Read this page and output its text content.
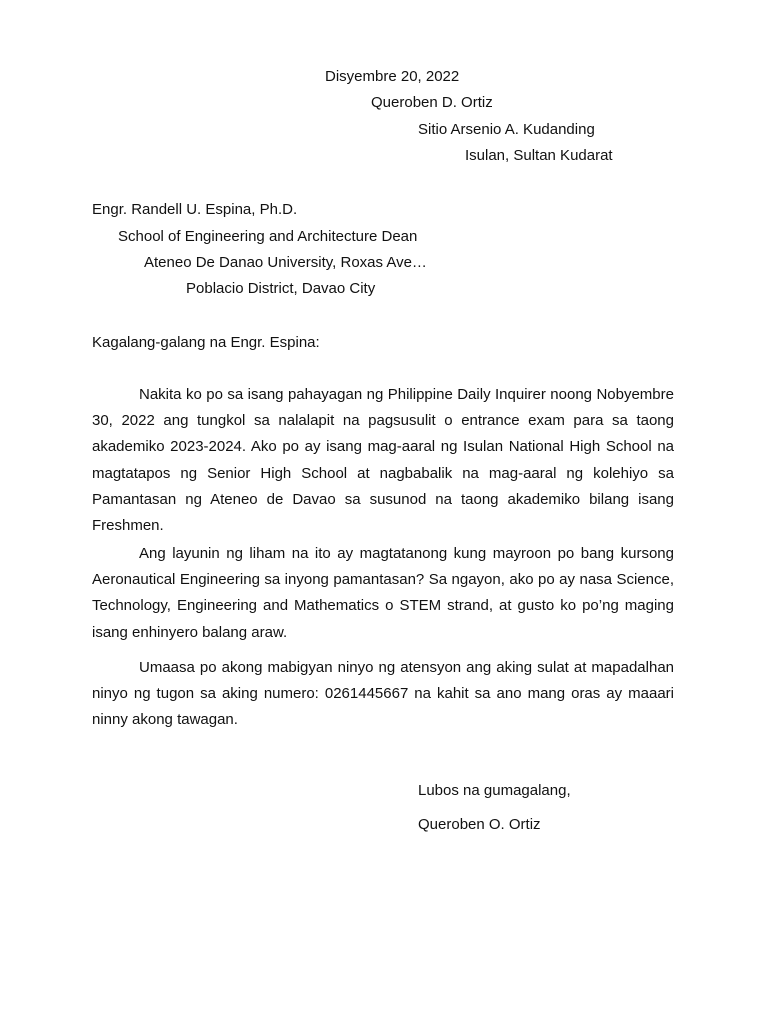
Disyembre 20, 2022
Queroben D. Ortiz
Sitio Arsenio A. Kudanding
Isulan, Sultan Kudarat
Engr. Randell U. Espina, Ph.D.
School of Engineering and Architecture Dean
Ateneo De Danao University, Roxas Ave…
Poblacio District, Davao City
Kagalang-galang na Engr. Espina:

Nakita ko po sa isang pahayagan ng Philippine Daily Inquirer noong Nobyembre 30, 2022 ang tungkol sa nalalapit na pagsusulit o entrance exam para sa taong akademiko 2023-2024. Ako po ay isang mag-aaral ng Isulan National High School na magtatapos ng Senior High School at nagbabalik na mag-aaral ng kolehiyo sa Pamantasan ng Ateneo de Davao sa susunod na taong akademiko bilang isang Freshmen.

Ang layunin ng liham na ito ay magtatanong kung mayroon po bang kursong Aeronautical Engineering sa inyong pamantasan? Sa ngayon, ako po ay nasa Science, Technology, Engineering and Mathematics o STEM strand, at gusto ko po’ng maging isang enhinyero balang araw.

Umaasa po akong mabigyan ninyo ng atensyon ang aking sulat at mapadalhan ninyo ng tugon sa aking numero: 0261445667 na kahit sa ano mang oras ay maaari ninny akong tawagan.

Lubos na gumagalang,
Queroben O. Ortiz
